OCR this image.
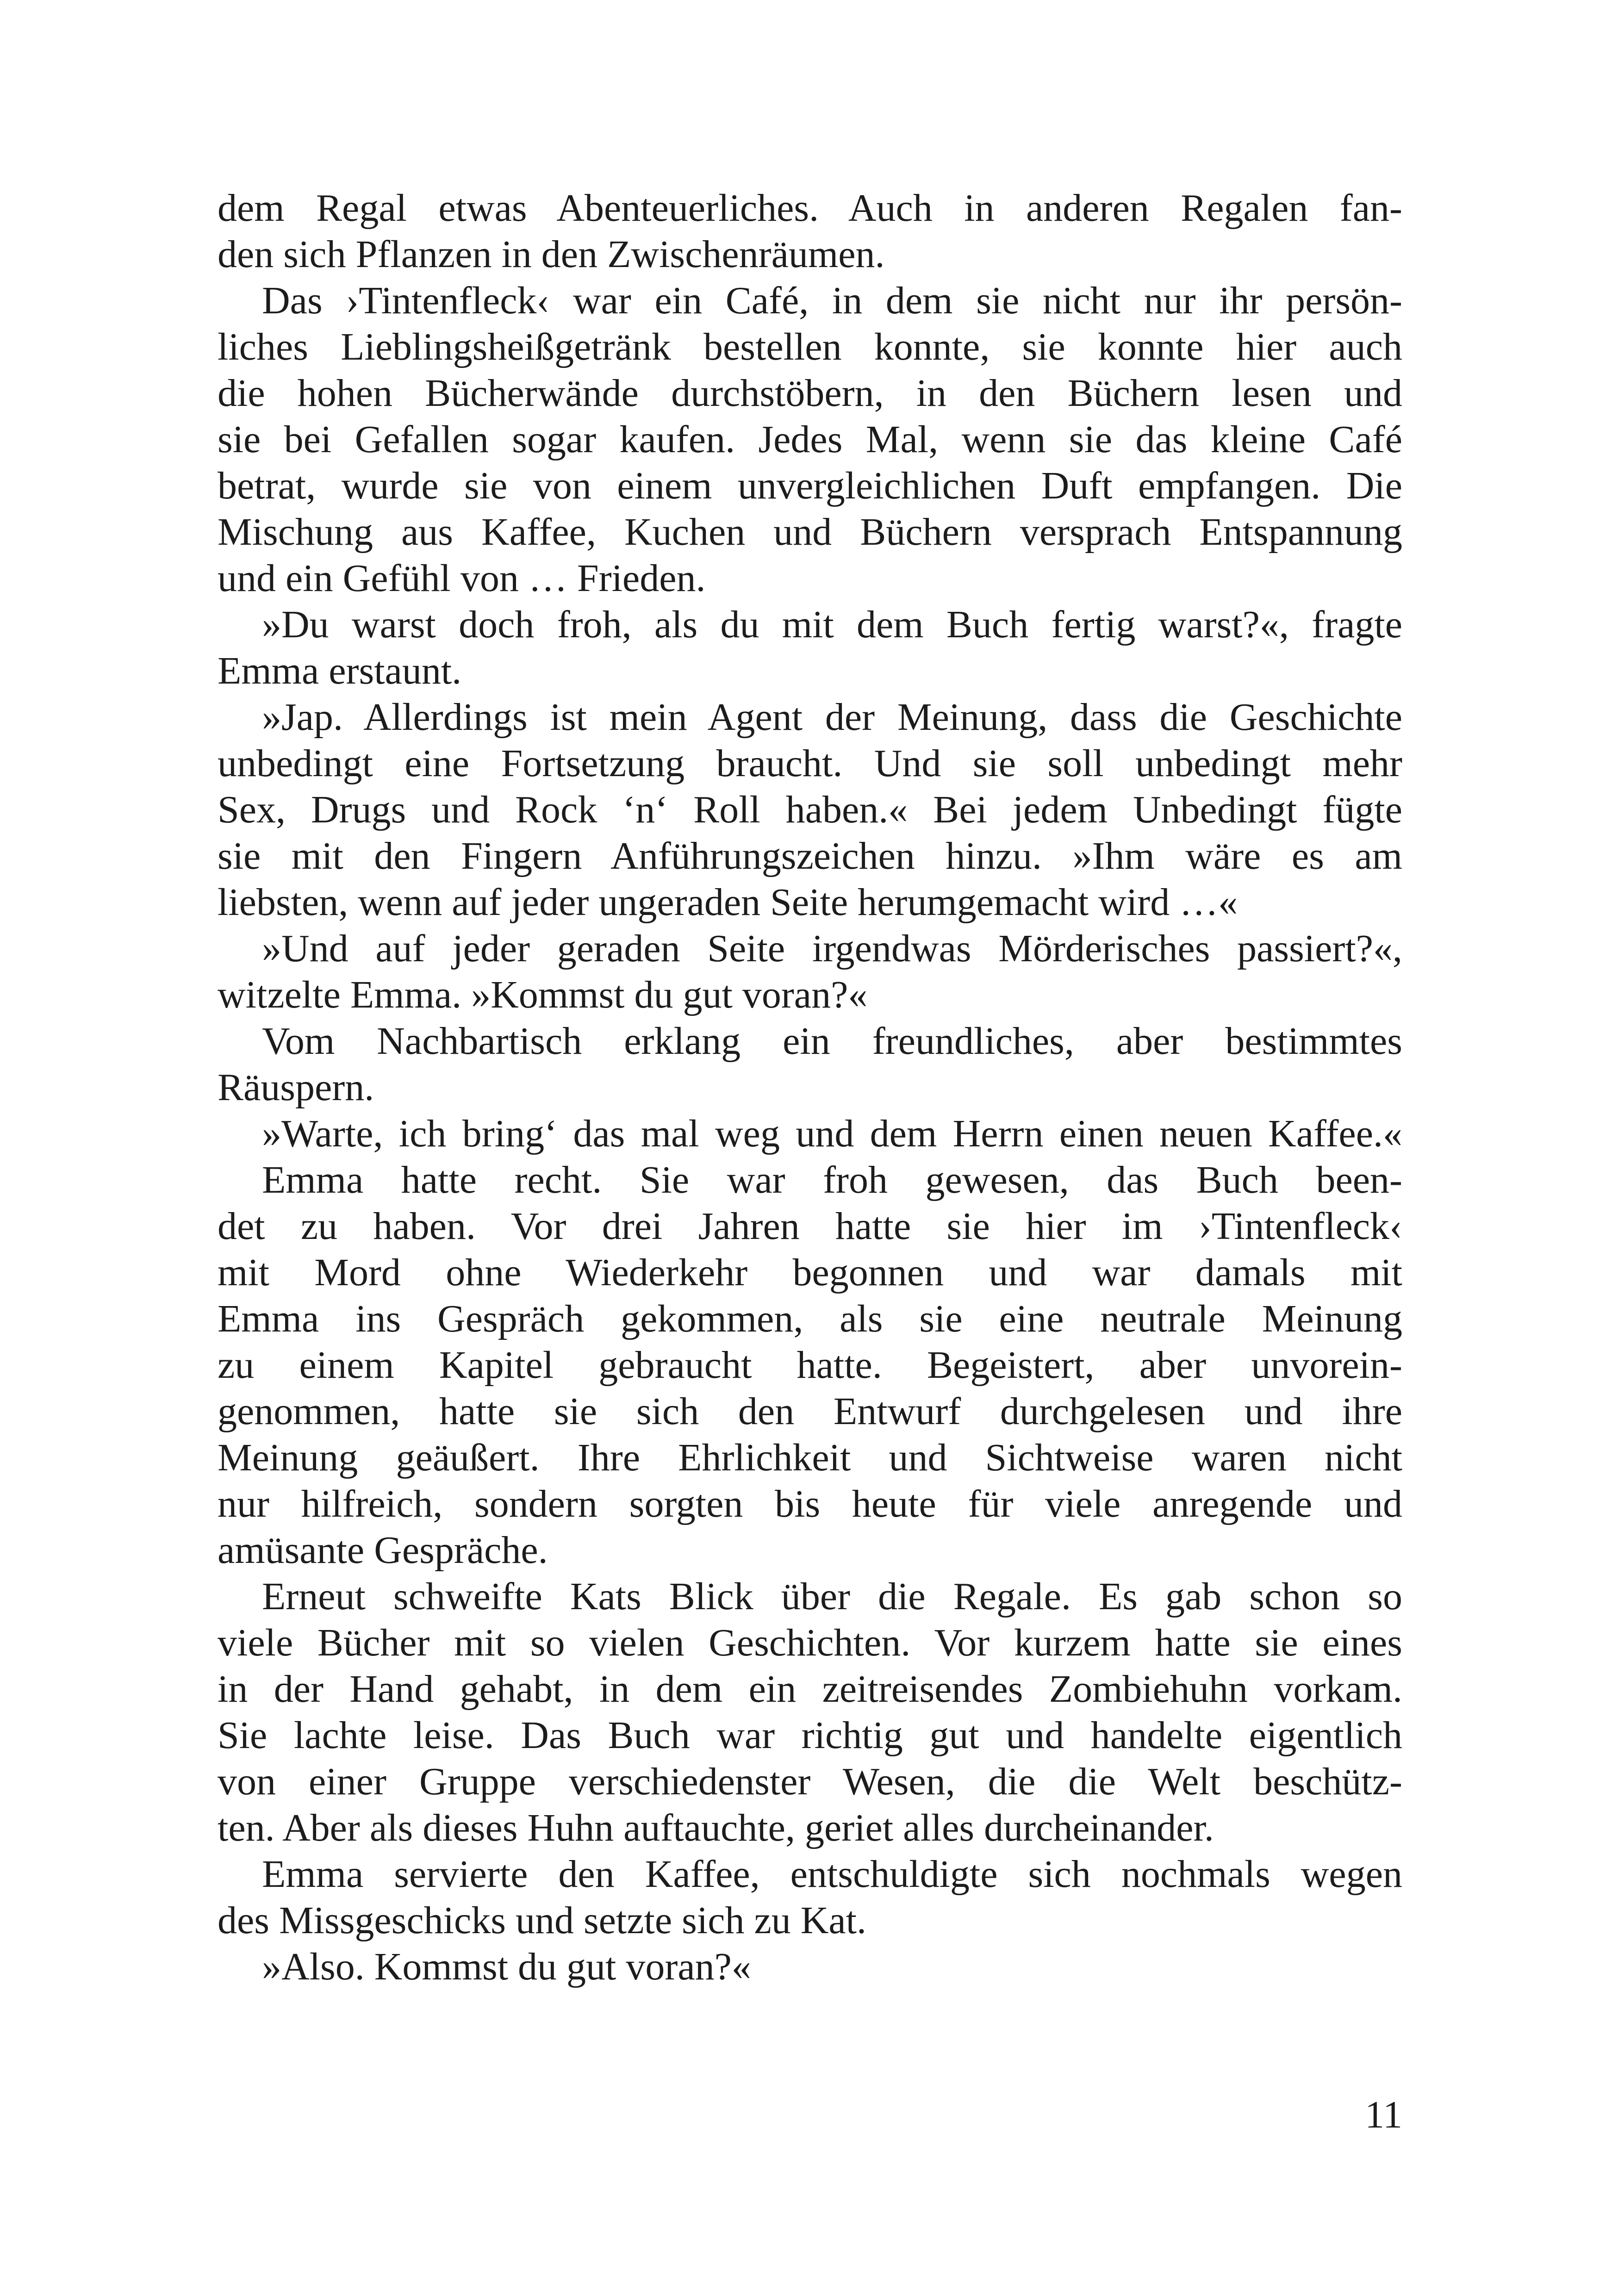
dem Regal etwas Abenteuerliches. Auch in anderen Regalen fan-
den sich Pflanzen in den Zwischenräumen.
Das ›Tintenfleck‹ war ein Café, in dem sie nicht nur ihr persön-
liches Lieblingsheißgetränk bestellen konnte, sie konnte hier auch
die hohen Bücherwände durchstöbern, in den Büchern lesen und
sie bei Gefallen sogar kaufen. Jedes Mal, wenn sie das kleine Café
betrat, wurde sie von einem unvergleichlichen Duft empfangen. Die
Mischung aus Kaffee, Kuchen und Büchern versprach Entspannung
und ein Gefühl von … Frieden.
»Du warst doch froh, als du mit dem Buch fertig warst?«, fragte
Emma erstaunt.
»Jap. Allerdings ist mein Agent der Meinung, dass die Geschichte
unbedingt eine Fortsetzung braucht. Und sie soll unbedingt mehr
Sex, Drugs und Rock ‘n‘ Roll haben.« Bei jedem Unbedingt fügte
sie mit den Fingern Anführungszeichen hinzu. »Ihm wäre es am
liebsten, wenn auf jeder ungeraden Seite herumgemacht wird …«
»Und auf jeder geraden Seite irgendwas Mörderisches passiert?«,
witzelte Emma. »Kommst du gut voran?«
Vom Nachbartisch erklang ein freundliches, aber bestimmtes
Räuspern.
»Warte, ich bring‘ das mal weg und dem Herrn einen neuen Kaffee.«
Emma hatte recht. Sie war froh gewesen, das Buch been-
det zu haben. Vor drei Jahren hatte sie hier im ›Tintenfleck‹
mit Mord ohne Wiederkehr begonnen und war damals mit
Emma ins Gespräch gekommen, als sie eine neutrale Meinung
zu einem Kapitel gebraucht hatte. Begeistert, aber unvorein-
genommen, hatte sie sich den Entwurf durchgelesen und ihre
Meinung geäußert. Ihre Ehrlichkeit und Sichtweise waren nicht
nur hilfreich, sondern sorgten bis heute für viele anregende und
amüsante Gespräche.
Erneut schweifte Kats Blick über die Regale. Es gab schon so
viele Bücher mit so vielen Geschichten. Vor kurzem hatte sie eines
in der Hand gehabt, in dem ein zeitreisendes Zombiehuhn vorkam.
Sie lachte leise. Das Buch war richtig gut und handelte eigentlich
von einer Gruppe verschiedenster Wesen, die die Welt beschütz-
ten. Aber als dieses Huhn auftauchte, geriet alles durcheinander.
Emma servierte den Kaffee, entschuldigte sich nochmals wegen
des Missgeschicks und setzte sich zu Kat.
»Also. Kommst du gut voran?«
11
